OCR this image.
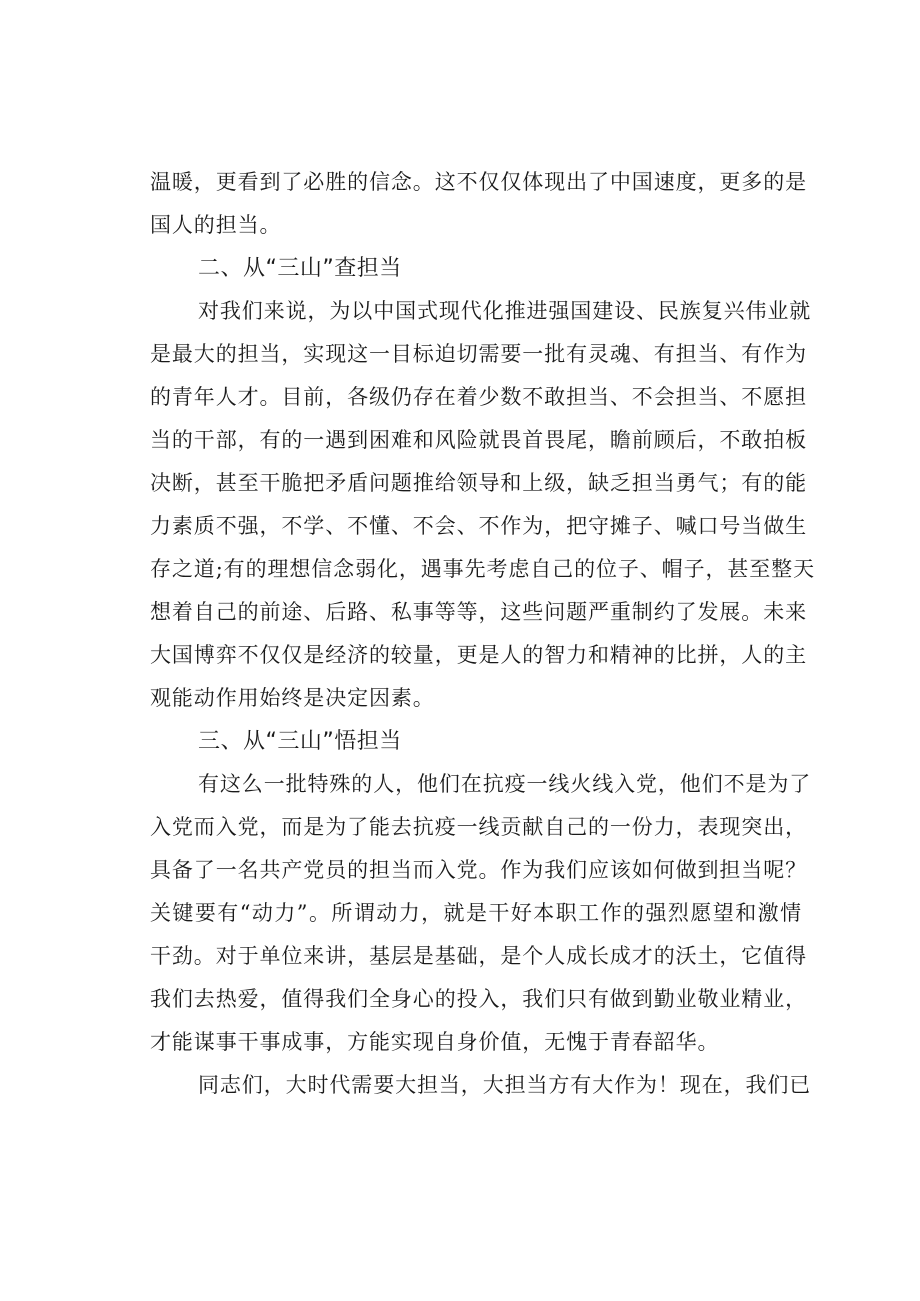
温暖，更看到了必胜的信念。这不仅仅体现出了中国速度，更多的是
国人的担当。
二、从“三山”查担当
对我们来说，为以中国式现代化推进强国建设、民族复兴伟业就
是最大的担当，实现这一目标迫切需要一批有灵魂、有担当、有作为
的青年人才。目前，各级仍存在着少数不敢担当、不会担当、不愿担
当的干部，有的一遇到困难和风险就畏首畏尾，瞻前顾后，不敢拍板
决断，甚至干脆把矛盾问题推给领导和上级，缺乏担当勇气；有的能
力素质不强，不学、不懂、不会、不作为，把守摊子、喊口号当做生
存之道;有的理想信念弱化，遇事先考虑自己的位子、帽子，甚至整天
想着自己的前途、后路、私事等等，这些问题严重制约了发展。未来
大国博弈不仅仅是经济的较量，更是人的智力和精神的比拼，人的主
观能动作用始终是决定因素。
三、从“三山”悟担当
有这么一批特殊的人，他们在抗疫一线火线入党，他们不是为了
入党而入党，而是为了能去抗疫一线贡献自己的一份力，表现突出，
具备了一名共产党员的担当而入党。作为我们应该如何做到担当呢？
关键要有“动力”。所谓动力，就是干好本职工作的强烈愿望和激情
干劲。对于单位来讲，基层是基础，是个人成长成才的沃土，它值得
我们去热爱，值得我们全身心的投入，我们只有做到勤业敬业精业，
才能谋事干事成事，方能实现自身价值，无愧于青春韶华。
同志们，大时代需要大担当，大担当方有大作为！现在，我们已
